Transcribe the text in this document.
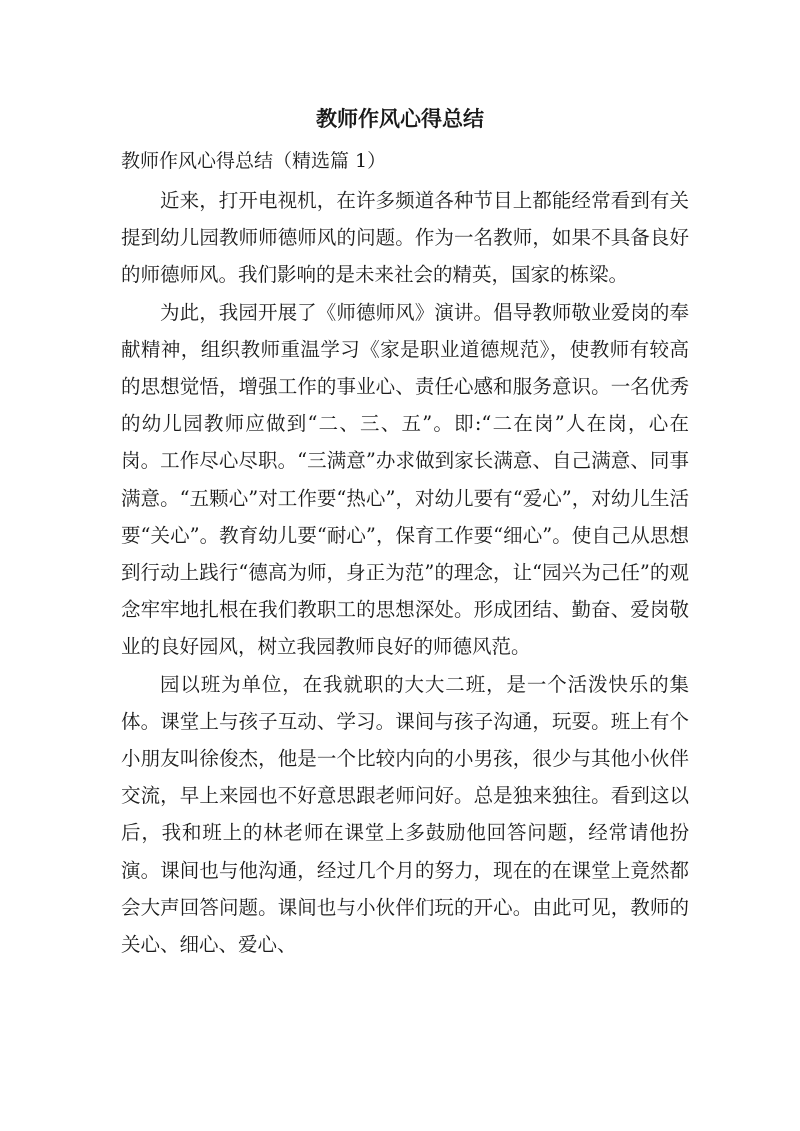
教师作风心得总结

教师作风心得总结（精选篇 1）

近来，打开电视机，在许多频道各种节目上都能经常看到有关提到幼儿园教师师德师风的问题。作为一名教师，如果不具备良好的师德师风。我们影响的是未来社会的精英，国家的栋梁。

为此，我园开展了《师德师风》演讲。倡导教师敬业爱岗的奉献精神，组织教师重温学习《家是职业道德规范》，使教师有较高的思想觉悟，增强工作的事业心、责任心感和服务意识。一名优秀的幼儿园教师应做到“二、三、五”。即:“二在岗”人在岗，心在岗。工作尽心尽职。“三满意”办求做到家长满意、自己满意、同事满意。“五颗心”对工作要“热心”，对幼儿要有“爱心”，对幼儿生活要“关心”。教育幼儿要“耐心”，保育工作要“细心”。使自己从思想到行动上践行“德高为师，身正为范”的理念，让“园兴为己任”的观念牢牢地扎根在我们教职工的思想深处。形成团结、勤奋、爱岗敬业的良好园风，树立我园教师良好的师德风范。

园以班为单位，在我就职的大大二班，是一个活泼快乐的集体。课堂上与孩子互动、学习。课间与孩子沟通，玩耍。班上有个小朋友叫徐俊杰，他是一个比较内向的小男孩，很少与其他小伙伴交流，早上来园也不好意思跟老师问好。总是独来独往。看到这以后，我和班上的林老师在课堂上多鼓励他回答问题，经常请他扮演。课间也与他沟通，经过几个月的努力，现在的在课堂上竟然都会大声回答问题。课间也与小伙伴们玩的开心。由此可见，教师的关心、细心、爱心、
